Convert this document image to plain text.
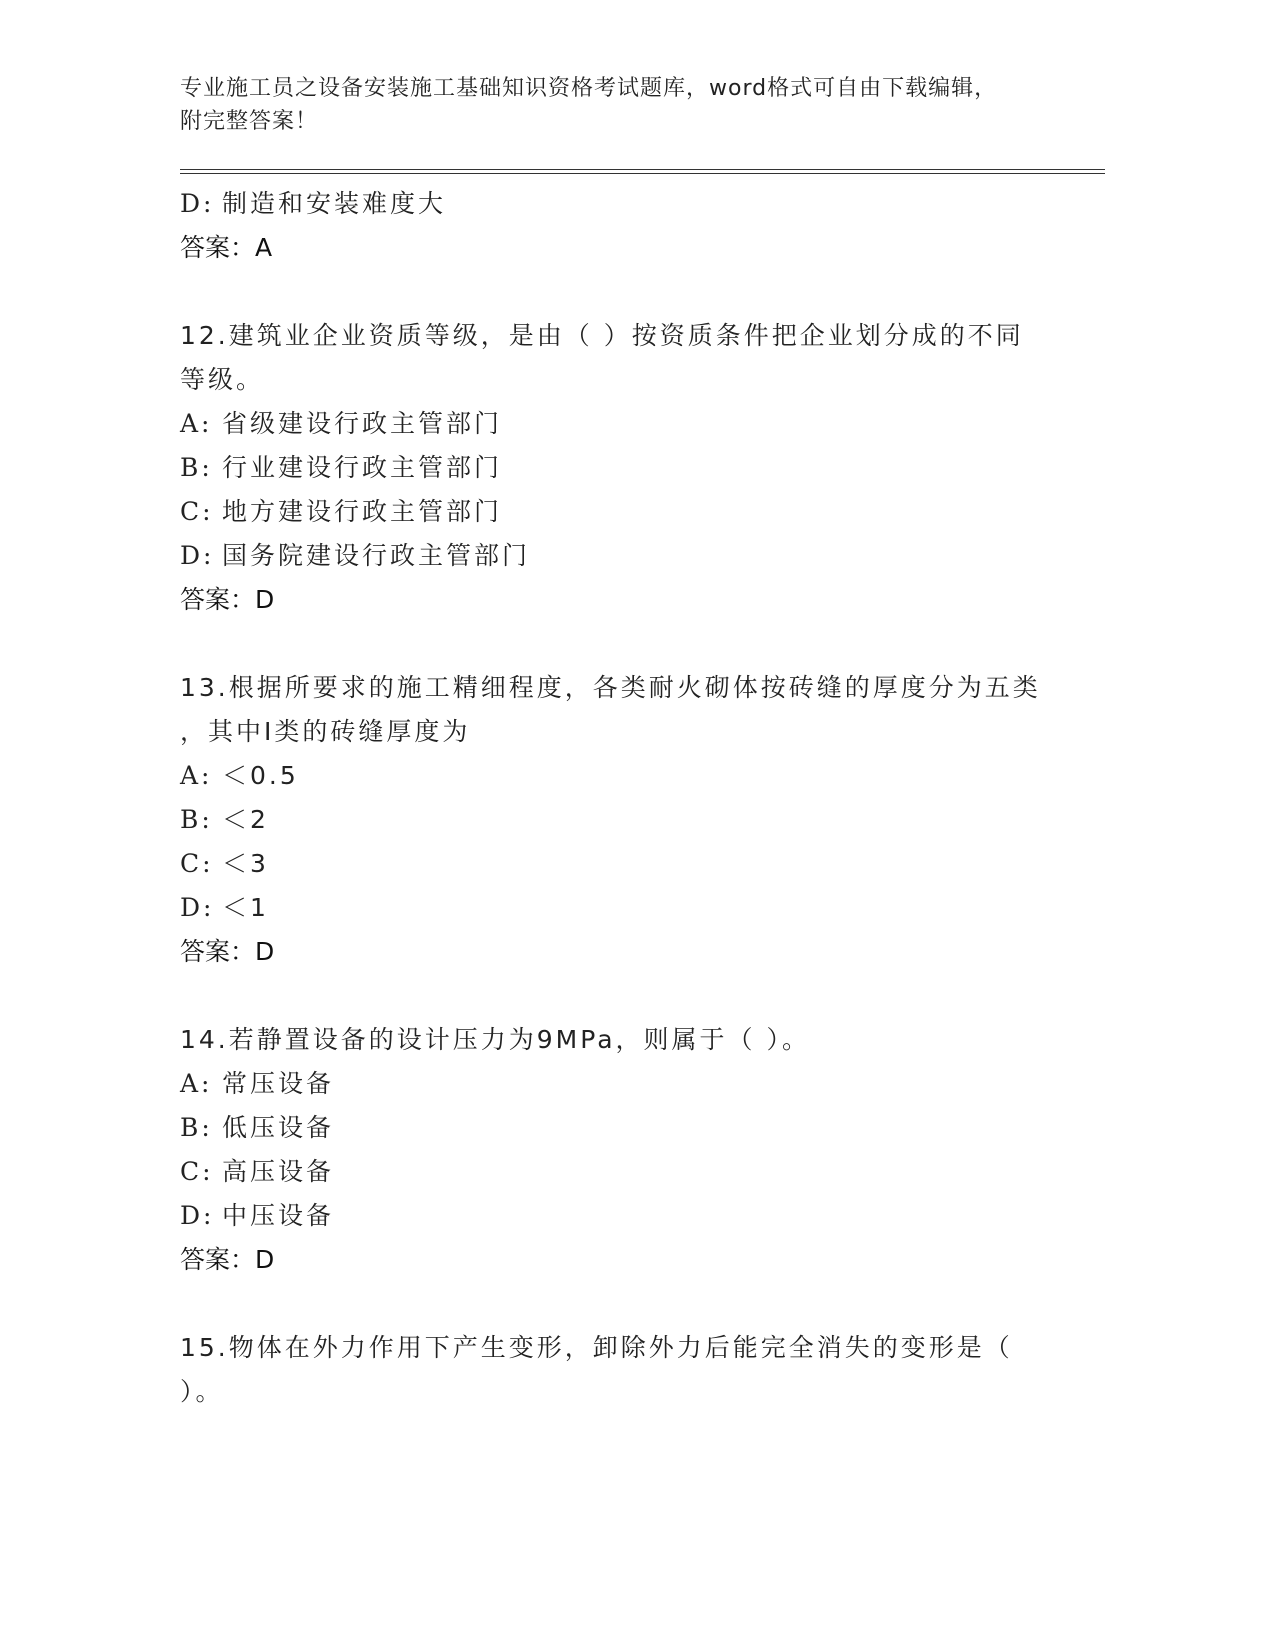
专业施工员之设备安装施工基础知识资格考试题库，word格式可自由下载编辑，
附完整答案！
D: 制造和安装难度大
答案：A
12.建筑业企业资质等级，是由（ ）按资质条件把企业划分成的不同
等级。
A: 省级建设行政主管部门
B: 行业建设行政主管部门
C: 地方建设行政主管部门
D: 国务院建设行政主管部门
答案：D
13.根据所要求的施工精细程度，各类耐火砌体按砖缝的厚度分为五类
，其中Ⅰ类的砖缝厚度为
A: ＜0.5
B: ＜2
C: ＜3
D: ＜1
答案：D
14.若静置设备的设计压力为9MPa，则属于（ ）。
A: 常压设备
B: 低压设备
C: 高压设备
D: 中压设备
答案：D
15.物体在外力作用下产生变形，卸除外力后能完全消失的变形是（
）。
